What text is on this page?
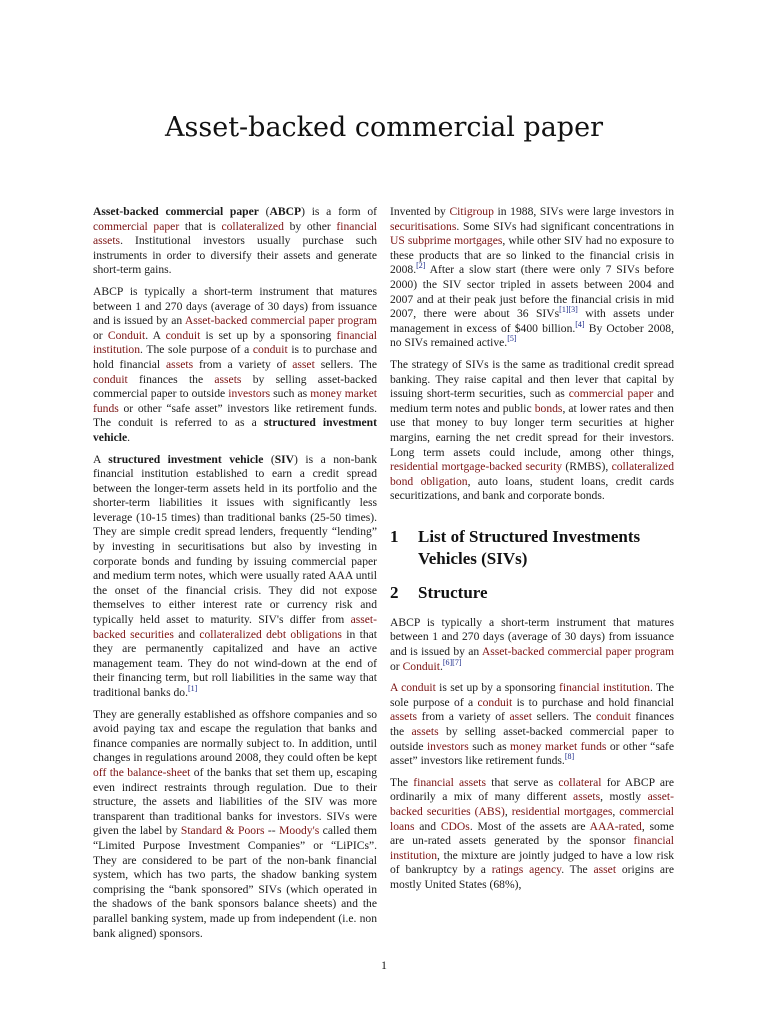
Asset-backed commercial paper

Asset-backed commercial paper (ABCP) is a form of commercial paper that is collateralized by other financial assets. Institutional investors usually purchase such instruments in order to diversify their assets and generate short-term gains.

ABCP is typically a short-term instrument that matures between 1 and 270 days (average of 30 days) from issuance and is issued by an Asset-backed commercial paper program or Conduit. A conduit is set up by a sponsoring financial institution. The sole purpose of a conduit is to purchase and hold financial assets from a variety of asset sellers. The conduit finances the assets by selling asset-backed commercial paper to outside investors such as money market funds or other “safe asset” investors like retirement funds. The conduit is referred to as a structured investment vehicle.

A structured investment vehicle (SIV) is a non-bank financial institution established to earn a credit spread between the longer-term assets held in its portfolio and the shorter-term liabilities it issues with significantly less leverage (10-15 times) than traditional banks (25-50 times). They are simple credit spread lenders, frequently “lending” by investing in securitisations but also by investing in corporate bonds and funding by issuing commercial paper and medium term notes, which were usually rated AAA until the onset of the financial crisis. They did not expose themselves to either interest rate or currency risk and typically held asset to maturity. SIV's differ from asset-backed securities and collateralized debt obligations in that they are permanently capitalized and have an active management team. They do not wind-down at the end of their financing term, but roll liabilities in the same way that traditional banks do.[1]

They are generally established as offshore companies and so avoid paying tax and escape the regulation that banks and finance companies are normally subject to. In addition, until changes in regulations around 2008, they could often be kept off the balance-sheet of the banks that set them up, escaping even indirect restraints through regulation. Due to their structure, the assets and liabilities of the SIV was more transparent than traditional banks for investors. SIVs were given the label by Standard & Poors -- Moody's called them “Limited Purpose Investment Companies” or “LiPICs”. They are considered to be part of the non-bank financial system, which has two parts, the shadow banking system comprising the “bank sponsored” SIVs (which operated in the shadows of the bank sponsors balance sheets) and the parallel banking system, made up from independent (i.e. non bank aligned) sponsors.

Invented by Citigroup in 1988, SIVs were large investors in securitisations. Some SIVs had significant concentrations in US subprime mortgages, while other SIV had no exposure to these products that are so linked to the financial crisis in 2008.[2] After a slow start (there were only 7 SIVs before 2000) the SIV sector tripled in assets between 2004 and 2007 and at their peak just before the financial crisis in mid 2007, there were about 36 SIVs[1][3] with assets under management in excess of $400 billion.[4] By October 2008, no SIVs remained active.[5]

The strategy of SIVs is the same as traditional credit spread banking. They raise capital and then lever that capital by issuing short-term securities, such as commercial paper and medium term notes and public bonds, at lower rates and then use that money to buy longer term securities at higher margins, earning the net credit spread for their investors. Long term assets could include, among other things, residential mortgage-backed security (RMBS), collateralized bond obligation, auto loans, student loans, credit cards securitizations, and bank and corporate bonds.

1	List of Structured Investments Vehicles (SIVs)
2	Structure

ABCP is typically a short-term instrument that matures between 1 and 270 days (average of 30 days) from issuance and is issued by an Asset-backed commercial paper program or Conduit.[6][7]

A conduit is set up by a sponsoring financial institution. The sole purpose of a conduit is to purchase and hold financial assets from a variety of asset sellers. The conduit finances the assets by selling asset-backed commercial paper to outside investors such as money market funds or other “safe asset” investors like retirement funds.[8]

The financial assets that serve as collateral for ABCP are ordinarily a mix of many different assets, mostly asset-backed securities (ABS), residential mortgages, commercial loans and CDOs. Most of the assets are AAA-rated, some are un-rated assets generated by the sponsor financial institution, the mixture are jointly judged to have a low risk of bankruptcy by a ratings agency. The asset origins are mostly United States (68%),

1
